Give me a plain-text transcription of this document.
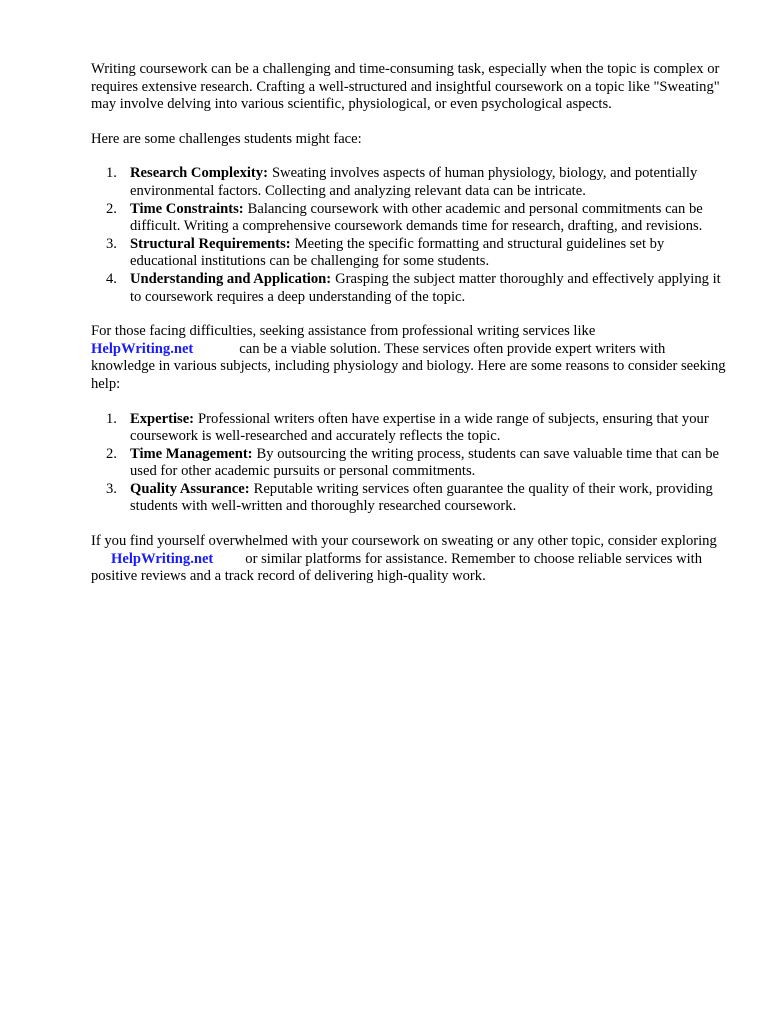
Writing coursework can be a challenging and time-consuming task, especially when the topic is complex or requires extensive research. Crafting a well-structured and insightful coursework on a topic like "Sweating" may involve delving into various scientific, physiological, or even psychological aspects.

Here are some challenges students might face:

1. Research Complexity: Sweating involves aspects of human physiology, biology, and potentially environmental factors. Collecting and analyzing relevant data can be intricate.
2. Time Constraints: Balancing coursework with other academic and personal commitments can be difficult. Writing a comprehensive coursework demands time for research, drafting, and revisions.
3. Structural Requirements: Meeting the specific formatting and structural guidelines set by educational institutions can be challenging for some students.
4. Understanding and Application: Grasping the subject matter thoroughly and effectively applying it to coursework requires a deep understanding of the topic.

For those facing difficulties, seeking assistance from professional writing services like
HelpWriting.net	can be a viable solution. These services often provide expert writers with knowledge in various subjects, including physiology and biology. Here are some reasons to consider seeking help:

1. Expertise: Professional writers often have expertise in a wide range of subjects, ensuring that your coursework is well-researched and accurately reflects the topic.
2. Time Management: By outsourcing the writing process, students can save valuable time that can be used for other academic pursuits or personal commitments.
3. Quality Assurance: Reputable writing services often guarantee the quality of their work, providing students with well-written and thoroughly researched coursework.

If you find yourself overwhelmed with your coursework on sweating or any other topic, consider exploringHelpWriting.net or similar platforms for assistance. Remember to choose reliable services with positive reviews and a track record of delivering high-quality work.
